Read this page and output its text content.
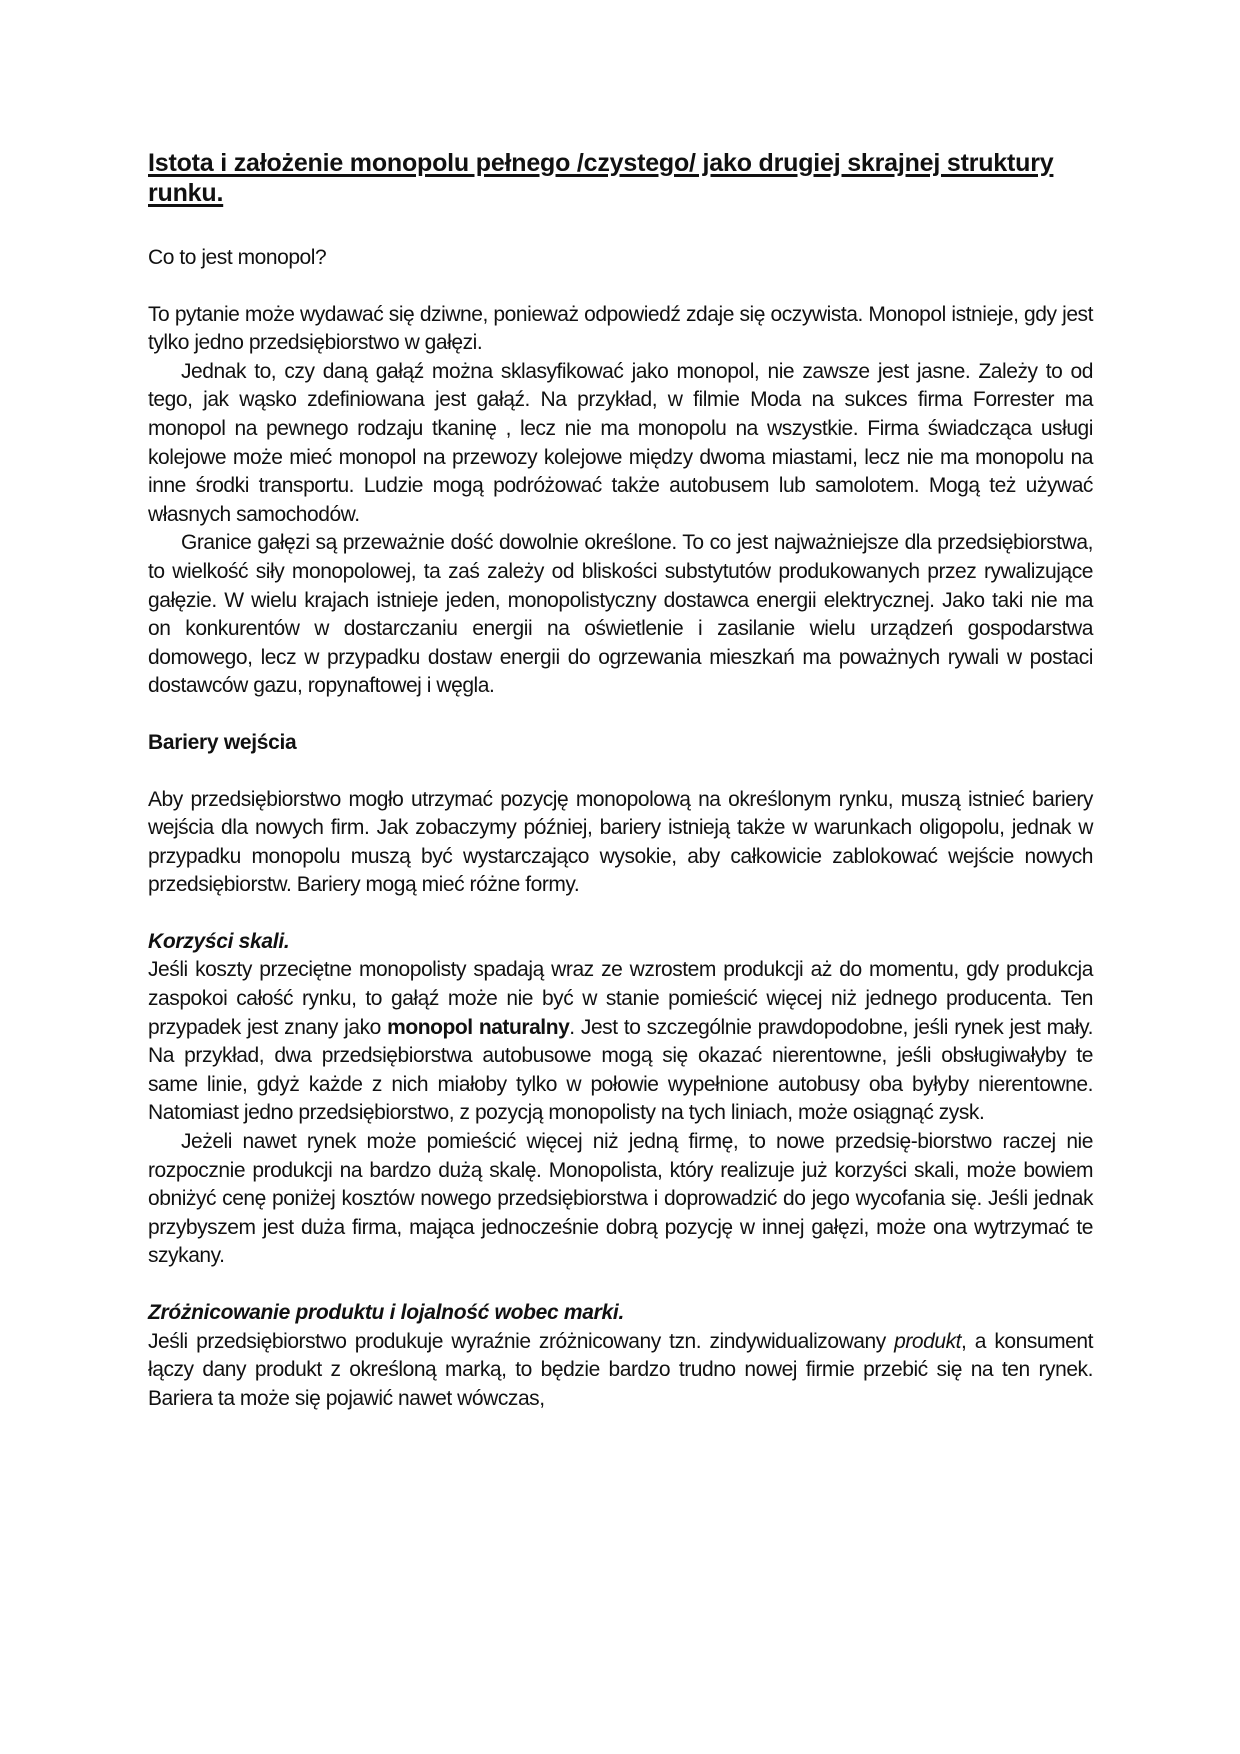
Istota i założenie monopolu pełnego /czystego/ jako drugiej skrajnej struktury runku.
Co to jest monopol?

To pytanie może wydawać się dziwne, ponieważ odpowiedź zdaje się oczywista. Monopol istnieje, gdy jest tylko jedno przedsiębiorstwo w gałęzi.

Jednak to, czy daną gałąź można sklasyfikować jako monopol, nie zawsze jest jasne. Zależy to od tego, jak wąsko zdefiniowana jest gałąź. Na przykład, w filmie Moda na sukces firma Forrester ma monopol na pewnego rodzaju tkaninę , lecz nie ma monopolu na wszystkie. Firma świadcząca usługi kolejowe może mieć monopol na przewozy kolejowe między dwoma miastami, lecz nie ma monopolu na inne środki transportu. Ludzie mogą podróżować także autobusem lub samolotem. Mogą też używać własnych samochodów.

Granice gałęzi są przeważnie dość dowolnie określone. To co jest najważniejsze dla przedsiębiorstwa, to wielkość siły monopolowej, ta zaś zależy od bliskości substytutów produkowanych przez rywalizujące gałęzie. W wielu krajach istnieje jeden, monopolistyczny dostawca energii elektrycznej. Jako taki nie ma on konkurentów w dostarczaniu energii na oświetlenie i zasilanie wielu urządzeń gospodarstwa domowego, lecz w przypadku dostaw energii do ogrzewania mieszkań ma poważnych rywali w postaci dostawców gazu, ropynaftowej i węgla.

Bariery wejścia

Aby przedsiębiorstwo mogło utrzymać pozycję monopolową na określonym rynku, muszą istnieć bariery wejścia dla nowych firm. Jak zobaczymy później, bariery istnieją także w warunkach oligopolu, jednak w przypadku monopolu muszą być wystarczająco wysokie, aby całkowicie zablokować wejście nowych przedsiębiorstw. Bariery mogą mieć różne formy.

Korzyści skali.

Jeśli koszty przeciętne monopolisty spadają wraz ze wzrostem produkcji aż do momentu, gdy produkcja zaspokoi całość rynku, to gałąź może nie być w stanie pomieścić więcej niż jednego producenta. Ten przypadek jest znany jako monopol naturalny. Jest to szczególnie prawdopodobne, jeśli rynek jest mały. Na przykład, dwa przedsiębiorstwa autobusowe mogą się okazać nierentowne, jeśli obsługiwałyby te same linie, gdyż każde z nich miałoby tylko w połowie wypełnione autobusy oba byłyby nierentowne. Natomiast jedno przedsiębiorstwo, z pozycją monopolisty na tych liniach, może osiągnąć zysk.

Jeżeli nawet rynek może pomieścić więcej niż jedną firmę, to nowe przedsię-biorstwo raczej nie rozpocznie produkcji na bardzo dużą skalę. Monopolista, który realizuje już korzyści skali, może bowiem obniżyć cenę poniżej kosztów nowego przedsiębiorstwa i doprowadzić do jego wycofania się. Jeśli jednak przybyszem jest duża firma, mająca jednocześnie dobrą pozycję w innej gałęzi, może ona wytrzymać te szykany.

Zróżnicowanie produktu i lojalność wobec marki.

Jeśli przedsiębiorstwo produkuje wyraźnie zróżnicowany tzn. zindywidualizowany produkt, a konsument łączy dany produkt z określoną marką, to będzie bardzo trudno nowej firmie przebić się na ten rynek. Bariera ta może się pojawić nawet wówczas,
